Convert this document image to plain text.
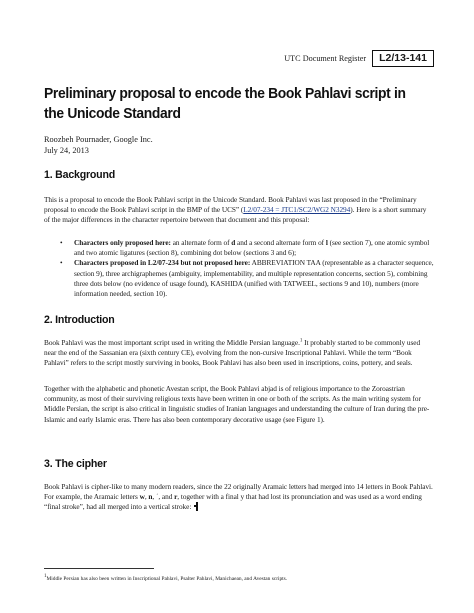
UTC Document Register	L2/13-141
Preliminary proposal to encode the Book Pahlavi script in the Unicode Standard
Roozbeh Pournader, Google Inc.
July 24, 2013
1. Background

This is a proposal to encode the Book Pahlavi script in the Unicode Standard. Book Pahlavi was last proposed in the “Preliminary proposal to encode the Book Pahlavi script in the BMP of the UCS” (L2/07-234 = JTC1/SC2/WG2 N3294). Here is a short summary of the major differences in the character repertoire between that document and this proposal:

• Characters only proposed here: an alternate form of d and a second alternate form of l (see section 7), one atomic symbol and two atomic ligatures (section 8), combining dot below (sections 3 and 6);
• Characters proposed in L2/07-234 but not proposed here: ABBREVIATION TAA (representable as a character sequence, section 9), three archigraphemes (ambiguity, implementability, and multiple representation concerns, section 5), combining three dots below (no evidence of usage found), KASHIDA (unified with TATWEEL, sections 9 and 10), numbers (more information needed, section 10).
2. Introduction

Book Pahlavi was the most important script used in writing the Middle Persian language.$^1$ It probably started to be commonly used near the end of the Sassanian era (sixth century CE), evolving from the non-cursive Inscriptional Pahlavi. While the term “Book Pahlavi” refers to the script mostly surviving in books, Book Pahlavi has also been used in inscriptions, coins, pottery, and seals.

Together with the alphabetic and phonetic Avestan script, the Book Pahlavi abjad is of religious importance to the Zoroastrian community, as most of their surviving religious texts have been written in one or both of the scripts. As the main writing system for Middle Persian, the script is also critical in linguistic studies of Iranian languages and understanding the culture of Iran during the pre-Islamic and early Islamic eras. There has also been contemporary decorative usage (see Figure 1).

3. The cipher

Book Pahlavi is cipher-like to many modern readers, since the 22 originally Aramaic letters had merged into 14 letters in Book Pahlavi. For example, the Aramaic letters w, n, ʿ, and r, together with a final y that had lost its pronunciation and was used as a word ending “final stroke”, had all merged into a vertical stroke:

$^1$Middle Persian has also been written in Inscriptional Pahlavi, Psalter Pahlavi, Manichaean, and Avestan scripts.
